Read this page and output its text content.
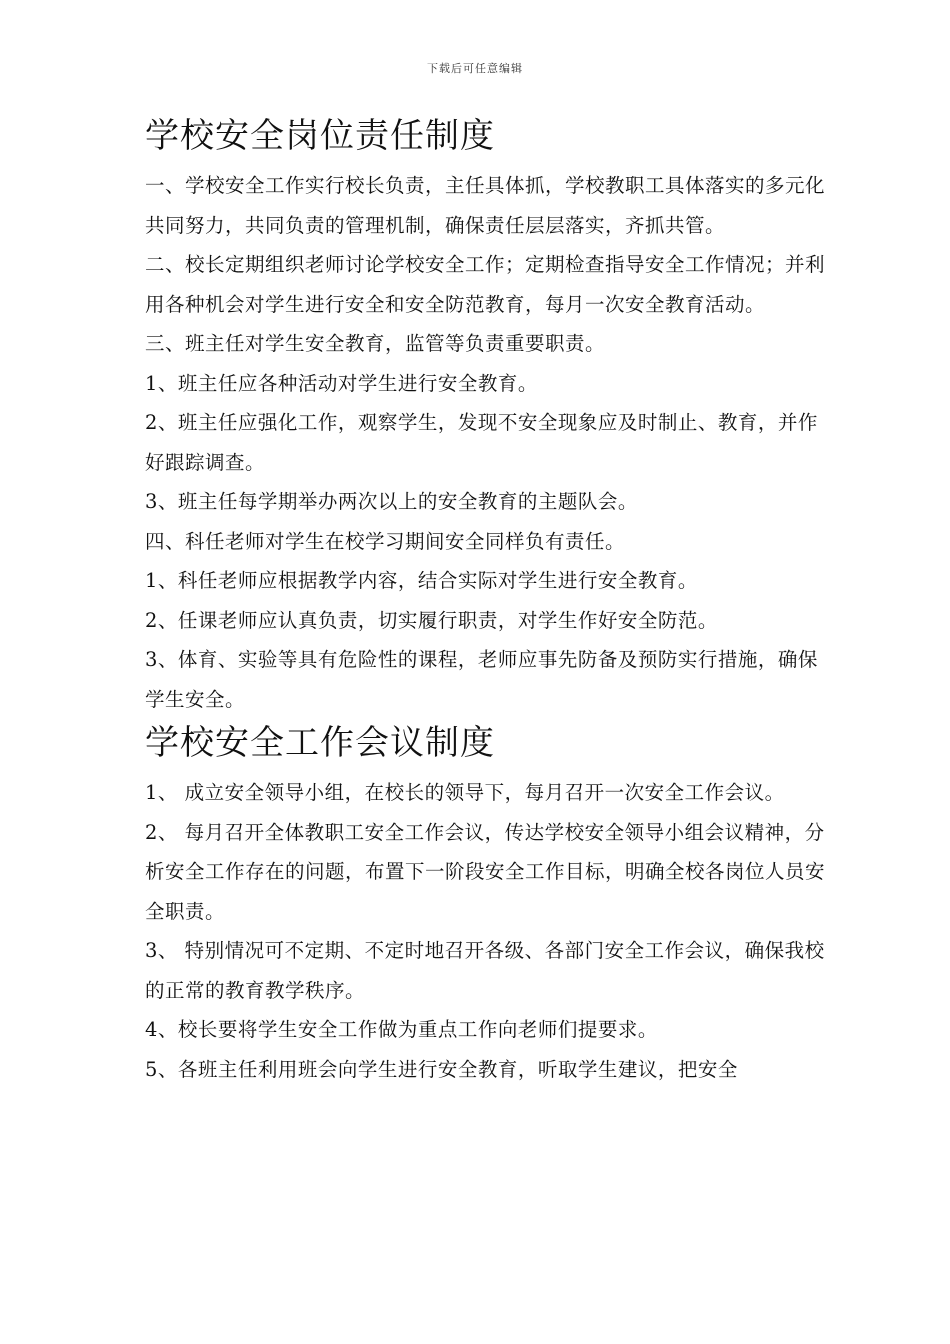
下载后可任意编辑
学校安全岗位责任制度

一、学校安全工作实行校长负责，主任具体抓，学校教职工具体落实的多元化共同努力，共同负责的管理机制，确保责任层层落实，齐抓共管。

二、校长定期组织老师讨论学校安全工作；定期检查指导安全工作情况；并利用各种机会对学生进行安全和安全防范教育，每月一次安全教育活动。

三、班主任对学生安全教育，监管等负责重要职责。

1、班主任应各种活动对学生进行安全教育。

2、班主任应强化工作，观察学生，发现不安全现象应及时制止、教育，并作好跟踪调查。

3、班主任每学期举办两次以上的安全教育的主题队会。

四、科任老师对学生在校学习期间安全同样负有责任。

1、科任老师应根据教学内容，结合实际对学生进行安全教育。

2、任课老师应认真负责，切实履行职责，对学生作好安全防范。

3、体育、实验等具有危险性的课程，老师应事先防备及预防实行措施，确保学生安全。

学校安全工作会议制度

1、 成立安全领导小组，在校长的领导下，每月召开一次安全工作会议。

2、 每月召开全体教职工安全工作会议，传达学校安全领导小组会议精神，分析安全工作存在的问题，布置下一阶段安全工作目标，明确全校各岗位人员安全职责。

3、 特别情况可不定期、不定时地召开各级、各部门安全工作会议，确保我校的正常的教育教学秩序。

4、校长要将学生安全工作做为重点工作向老师们提要求。

5、各班主任利用班会向学生进行安全教育，听取学生建议，把安全
